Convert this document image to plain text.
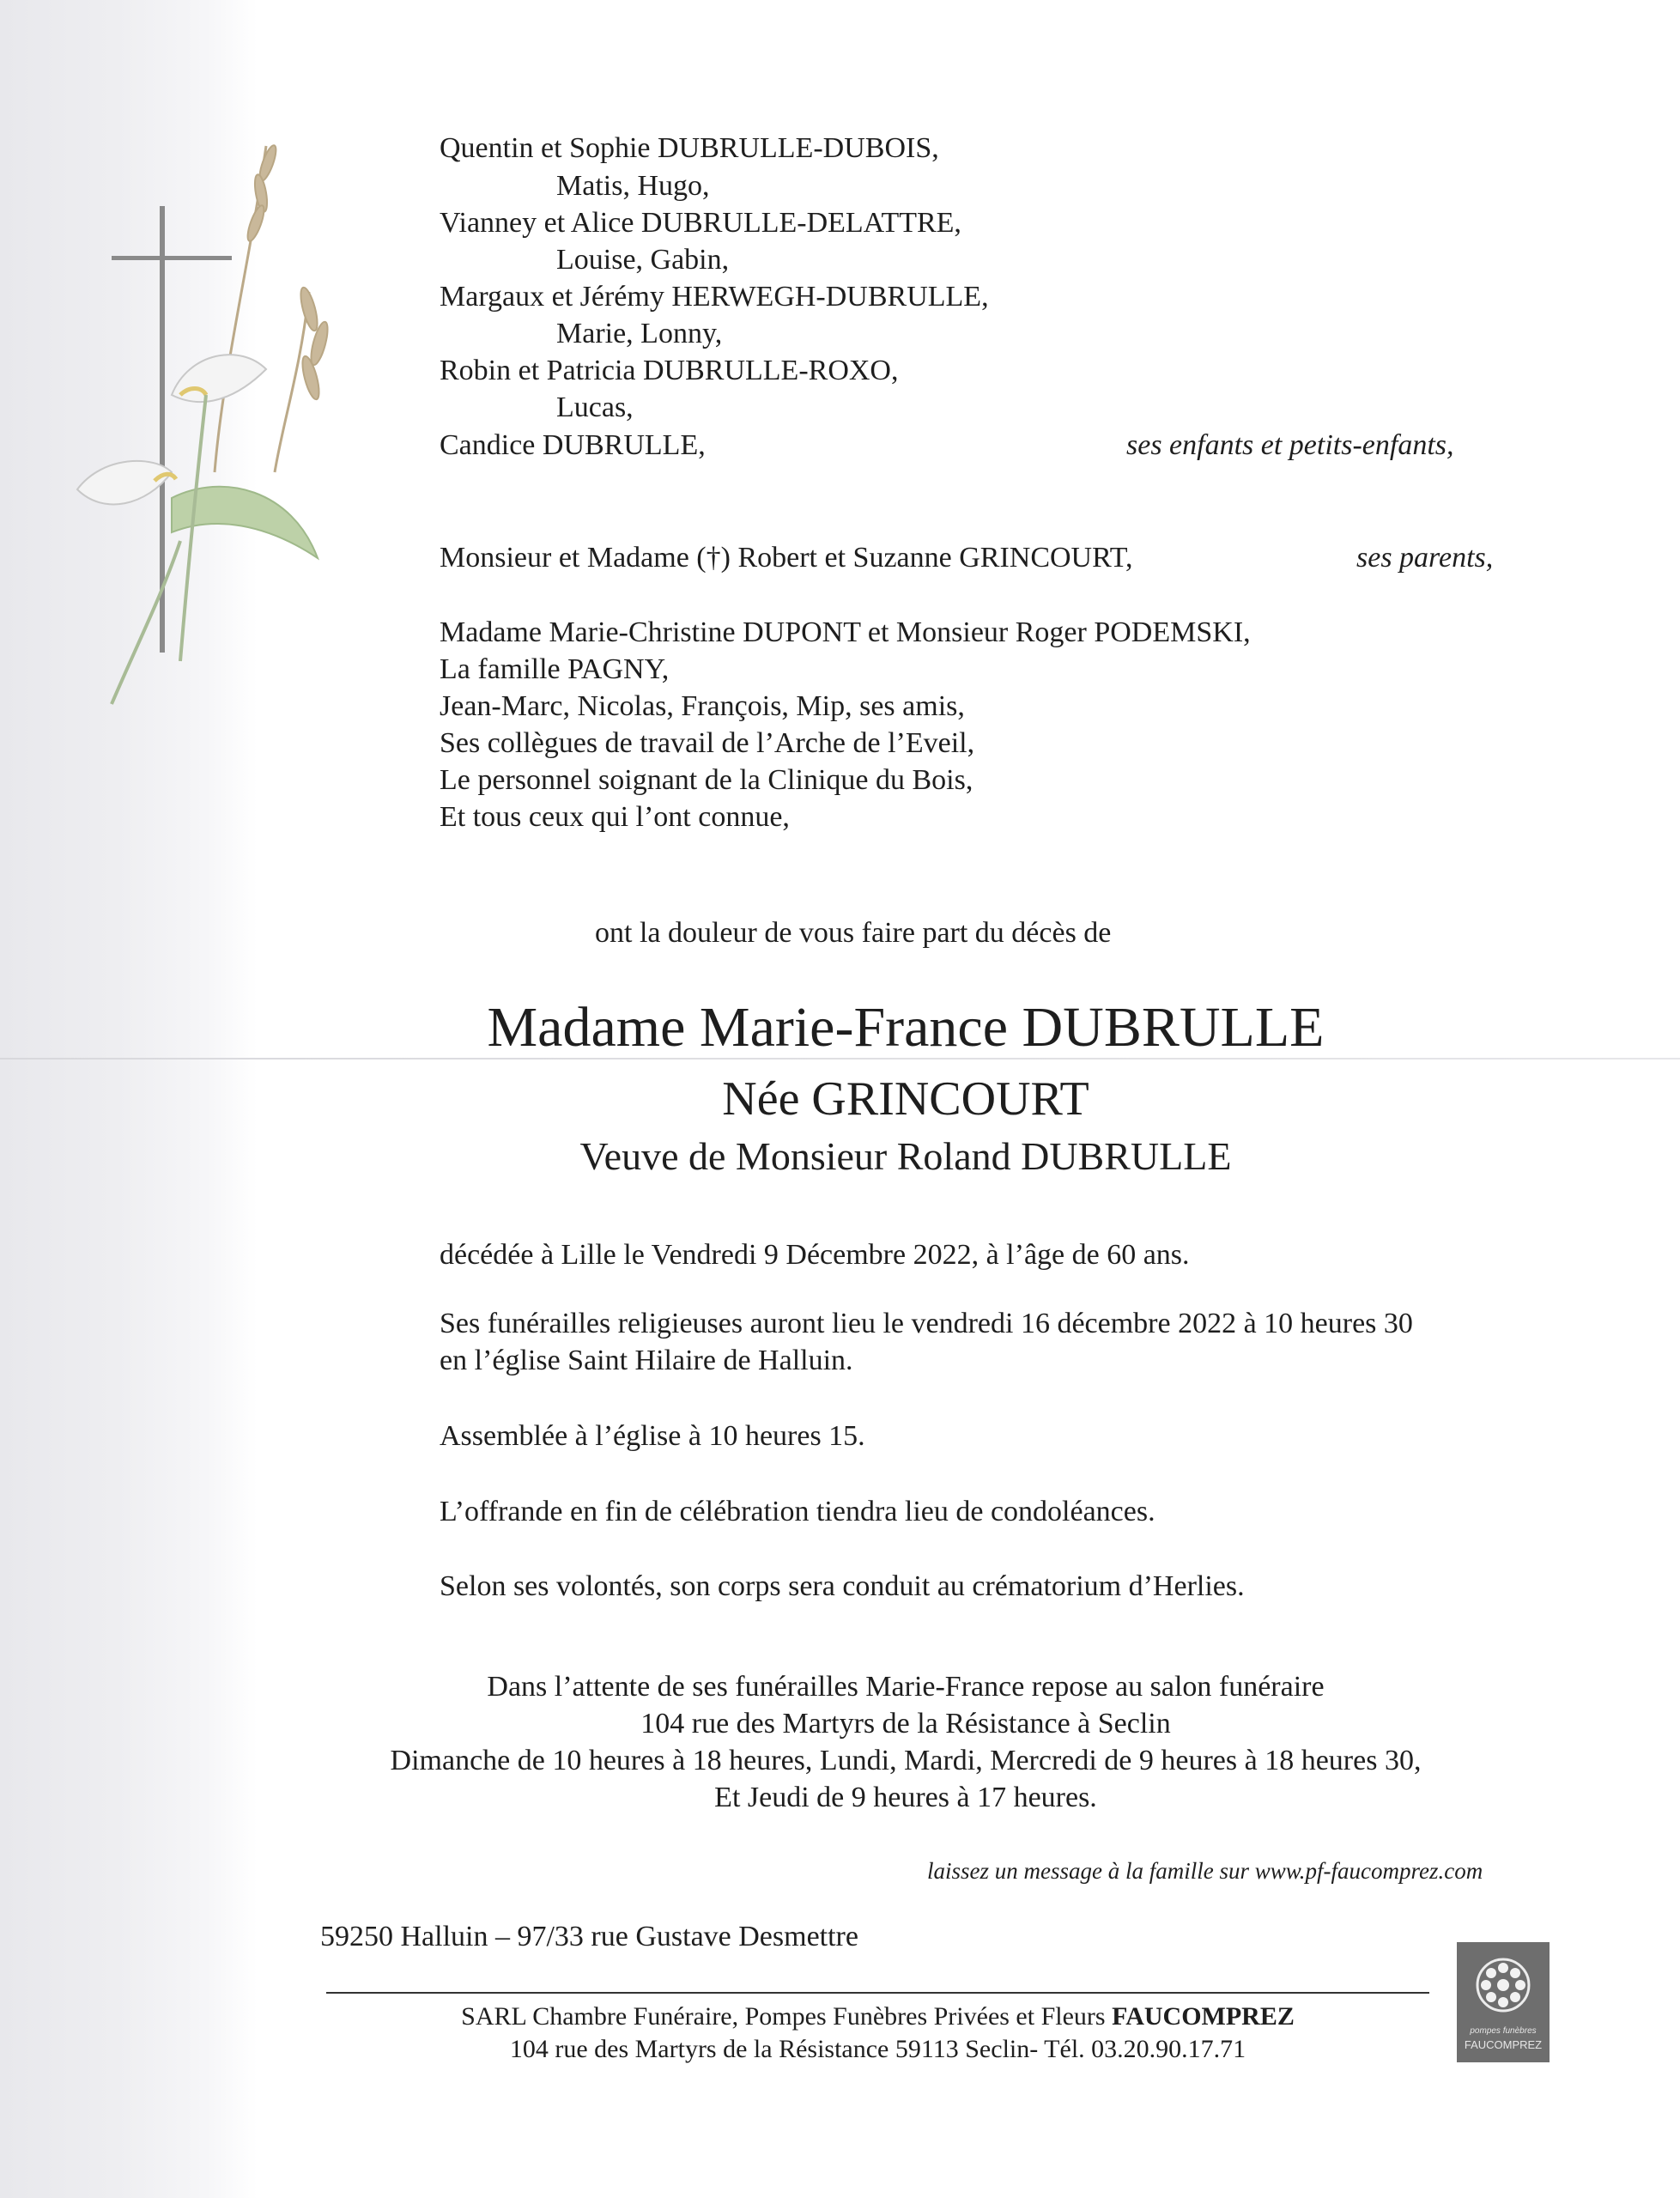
Quentin et Sophie DUBRULLE-DUBOIS,
Matis, Hugo,
Vianney et Alice DUBRULLE-DELATTRE,
Louise, Gabin,
Margaux et Jérémy HERWEGH-DUBRULLE,
Marie, Lonny,
Robin et Patricia DUBRULLE-ROXO,
Lucas,
Candice DUBRULLE,	ses enfants et petits-enfants,
Monsieur et Madame (†) Robert et Suzanne GRINCOURT,	ses parents,
Madame Marie-Christine DUPONT et Monsieur Roger PODEMSKI,
La famille PAGNY,
Jean-Marc, Nicolas, François, Mip, ses amis,
Ses collègues de travail de l’Arche de l’Eveil,
Le personnel soignant de la Clinique du Bois,
Et tous ceux qui l’ont connue,
ont la douleur de vous faire part du décès de
Madame Marie-France DUBRULLE
Née GRINCOURT
Veuve de Monsieur Roland DUBRULLE
décédée à Lille le Vendredi 9 Décembre 2022, à l’âge de 60 ans.
Ses funérailles religieuses auront lieu le vendredi 16 décembre 2022 à 10 heures 30
en l’église Saint Hilaire de Halluin.
Assemblée à l’église à 10 heures 15.
L’offrande en fin de célébration tiendra lieu de condoléances.
Selon ses volontés, son corps sera conduit au crématorium d’Herlies.
Dans l’attente de ses funérailles Marie-France repose au salon funéraire
104 rue des Martyrs de la Résistance à Seclin
Dimanche de 10 heures à 18 heures, Lundi, Mardi, Mercredi de 9 heures à 18 heures 30,
Et Jeudi de 9 heures à 17 heures.
laissez un message à la famille sur www.pf-faucomprez.com
59250 Halluin – 97/33 rue Gustave Desmettre
SARL Chambre Funéraire, Pompes Funèbres Privées et Fleurs FAUCOMPREZ
104 rue des Martyrs de la Résistance 59113 Seclin- Tél. 03.20.90.17.71
pompes funèbres
FAUCOMPREZ
